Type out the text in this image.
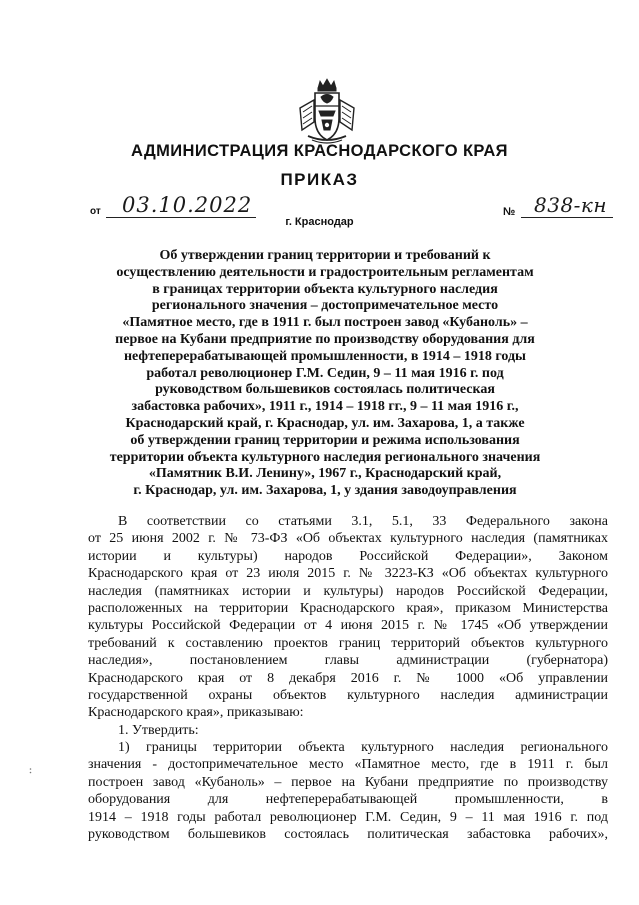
АДМИНИСТРАЦИЯ КРАСНОДАРСКОГО КРАЯ
ПРИКАЗ
от 03.10.2022
г. Краснодар
№ 838-кн
Об утверждении границ территории и требований к
осуществлению деятельности и градостроительным регламентам
в границах территории объекта культурного наследия
регионального значения – достопримечательное место
«Памятное место, где в 1911 г. был построен завод «Кубаноль» –
первое на Кубани предприятие по производству оборудования для
нефтеперерабатывающей промышленности, в 1914 – 1918 годы
работал революционер Г.М. Седин, 9 – 11 мая 1916 г. под
руководством большевиков состоялась политическая
забастовка рабочих», 1911 г., 1914 – 1918 гг., 9 – 11 мая 1916 г.,
Краснодарский край, г. Краснодар, ул. им. Захарова, 1, а также
об утверждении границ территории и режима использования
территории объекта культурного наследия регионального значения
«Памятник В.И. Ленину», 1967 г., Краснодарский край,
г. Краснодар, ул. им. Захарова, 1, у здания заводоуправления
В соответствии со статьями 3.1, 5.1, 33 Федерального закона
от 25 июня 2002 г. № 73-ФЗ «Об объектах культурного наследия (памятниках
истории и культуры) народов Российской Федерации», Законом
Краснодарского края от 23 июля 2015 г. № 3223-КЗ «Об объектах культурного
наследия (памятниках истории и культуры) народов Российской Федерации,
расположенных на территории Краснодарского края», приказом Министерства
культуры Российской Федерации от 4 июня 2015 г. № 1745 «Об утверждении
требований к составлению проектов границ территорий объектов культурного
наследия», постановлением главы администрации (губернатора)
Краснодарского края от 8 декабря 2016 г. № 1000 «Об управлении
государственной охраны объектов культурного наследия администрации
Краснодарского края», приказываю:
1. Утвердить:
1) границы территории объекта культурного наследия регионального
значения - достопримечательное место «Памятное место, где в 1911 г. был
построен завод «Кубаноль» – первое на Кубани предприятие по производству
оборудования для нефтеперерабатывающей промышленности, в
1914 – 1918 годы работал революционер Г.М. Седин, 9 – 11 мая 1916 г. под
руководством большевиков состоялась политическая забастовка рабочих»,
